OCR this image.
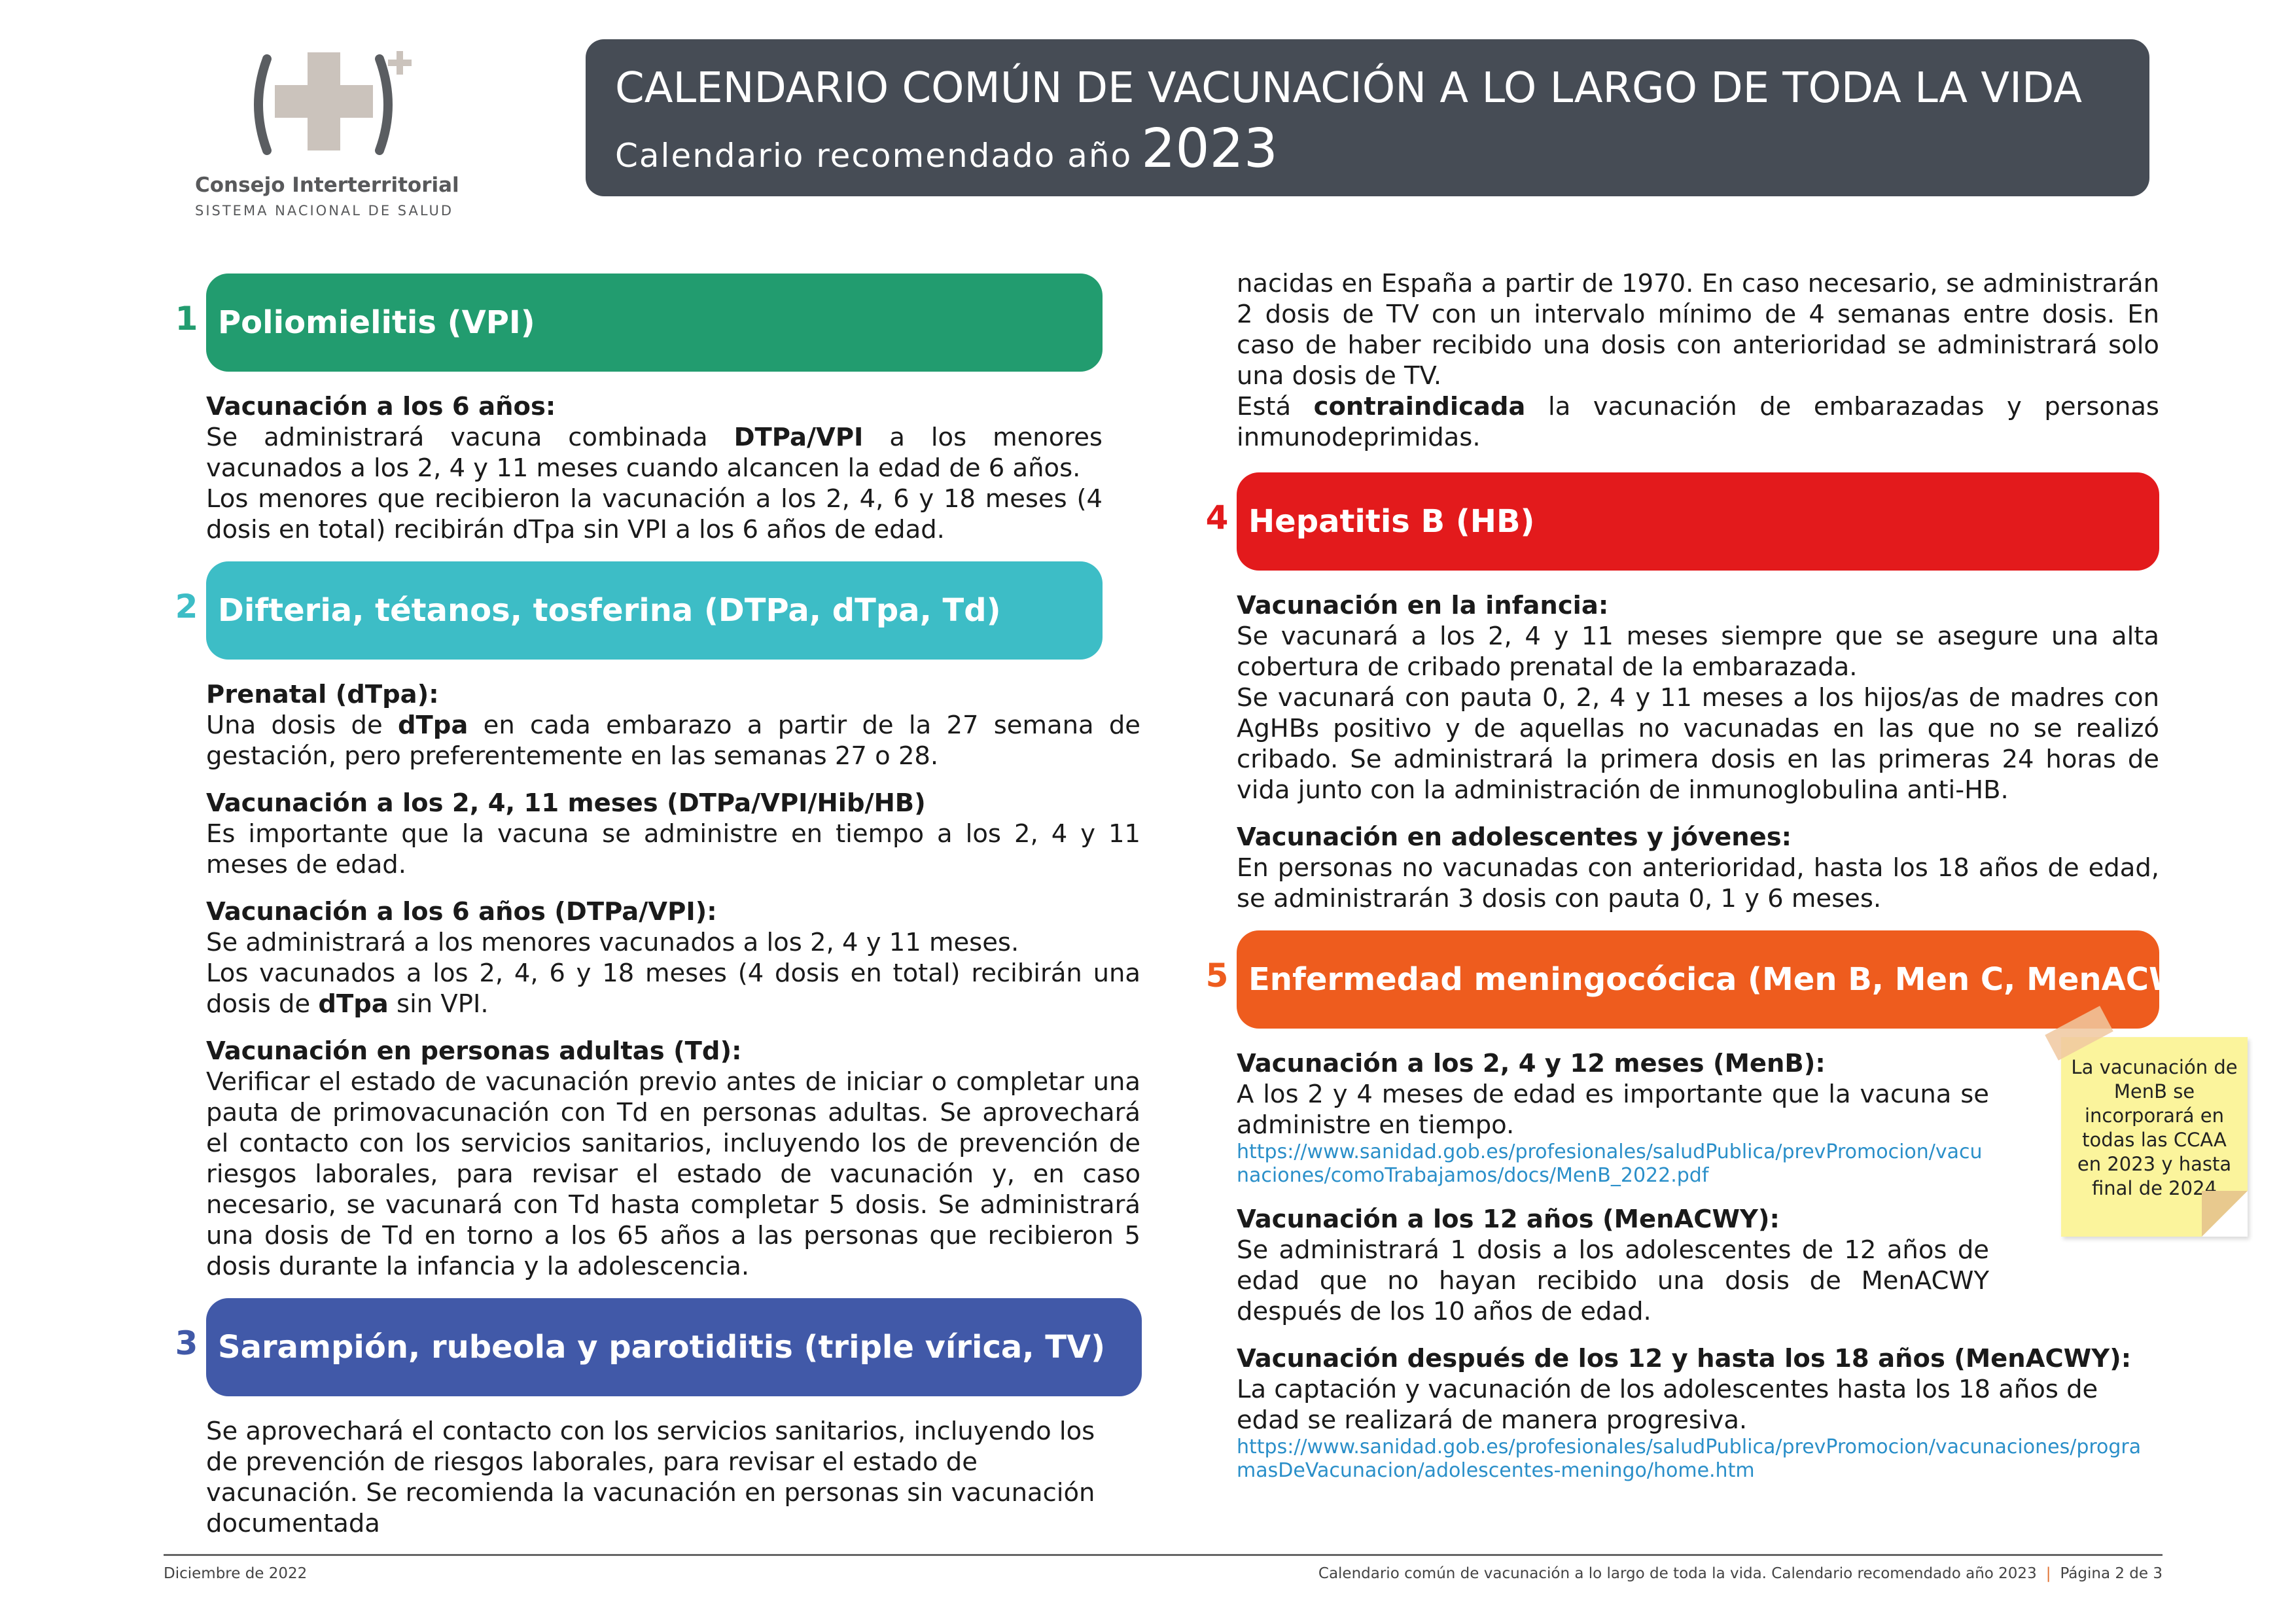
Consejo Interterritorial
SISTEMA NACIONAL DE SALUD
CALENDARIO COMÚN DE VACUNACIÓN A LO LARGO DE TODA LA VIDA
Calendario recomendado año 2023
1 Poliomielitis (VPI)

Vacunación a los 6 años:

Se administrará vacuna combinada DTPa/VPI a los menores vacunados a los 2, 4 y 11 meses cuando alcancen la edad de 6 años.

Los menores que recibieron la vacunación a los 2, 4, 6 y 18 meses (4 dosis en total) recibirán dTpa sin VPI a los 6 años de edad.

2 Difteria, tétanos, tosferina (DTPa, dTpa, Td)

Prenatal (dTpa):

Una dosis de dTpa en cada embarazo a partir de la 27 semana de gestación, pero preferentemente en las semanas 27 o 28.

Vacunación a los 2, 4, 11 meses (DTPa/VPI/Hib/HB)

Es importante que la vacuna se administre en tiempo a los 2, 4 y 11 meses de edad.

Vacunación a los 6 años (DTPa/VPI):

Se administrará a los menores vacunados a los 2, 4 y 11 meses.

Los vacunados a los 2, 4, 6 y 18 meses (4 dosis en total) recibirán una dosis de dTpa sin VPI.

Vacunación en personas adultas (Td):

Verificar el estado de vacunación previo antes de iniciar o completar una pauta de primovacunación con Td en personas adultas. Se aprovechará el contacto con los servicios sanitarios, incluyendo los de prevención de riesgos laborales, para revisar el estado de vacunación y, en caso necesario, se vacunará con Td hasta completar 5 dosis. Se administrará una dosis de Td en torno a los 65 años a las personas que recibieron 5 dosis durante la infancia y la adolescencia.

3 Sarampión, rubeola y parotiditis (triple vírica, TV)

Se aprovechará el contacto con los servicios sanitarios, incluyendo los de prevención de riesgos laborales, para revisar el estado de vacunación. Se recomienda la vacunación en personas sin vacunación documentada

nacidas en España a partir de 1970. En caso necesario, se administrarán 2 dosis de TV con un intervalo mínimo de 4 semanas entre dosis. En caso de haber recibido una dosis con anterioridad se administrará solo una dosis de TV.

Está contraindicada la vacunación de embarazadas y personas inmunodeprimidas.

4 Hepatitis B (HB)

Vacunación en la infancia:

Se vacunará a los 2, 4 y 11 meses siempre que se asegure una alta cobertura de cribado prenatal de la embarazada.

Se vacunará con pauta 0, 2, 4 y 11 meses a los hijos/as de madres con AgHBs positivo y de aquellas no vacunadas en las que no se realizó cribado. Se administrará la primera dosis en las primeras 24 horas de vida junto con la administración de inmunoglobulina anti-HB.

Vacunación en adolescentes y jóvenes:

En personas no vacunadas con anterioridad, hasta los 18 años de edad, se administrarán 3 dosis con pauta 0, 1 y 6 meses.

5 Enfermedad meningocócica (Men B, Men C, MenACWY)

Vacunación a los 2, 4 y 12 meses (MenB):

A los 2 y 4 meses de edad es importante que la vacuna se administre en tiempo.

https://www.sanidad.gob.es/profesionales/saludPublica/prevPromocion/vacunaciones/comoTrabajamos/docs/MenB_2022.pdf

Vacunación a los 12 años (MenACWY):

Se administrará 1 dosis a los adolescentes de 12 años de edad que no hayan recibido una dosis de MenACWY después de los 10 años de edad.

Vacunación después de los 12 y hasta los 18 años (MenACWY):

La captación y vacunación de los adolescentes hasta los 18 años de edad se realizará de manera progresiva.

https://www.sanidad.gob.es/profesionales/saludPublica/prevPromocion/vacunaciones/programasDeVacunacion/adolescentes-meningo/home.htm

La vacunación de MenB se incorporará en todas las CCAA en 2023 y hasta final de 2024
Diciembre de 2022	Calendario común de vacunación a lo largo de toda la vida. Calendario recomendado año 2023 | Página 2 de 3
